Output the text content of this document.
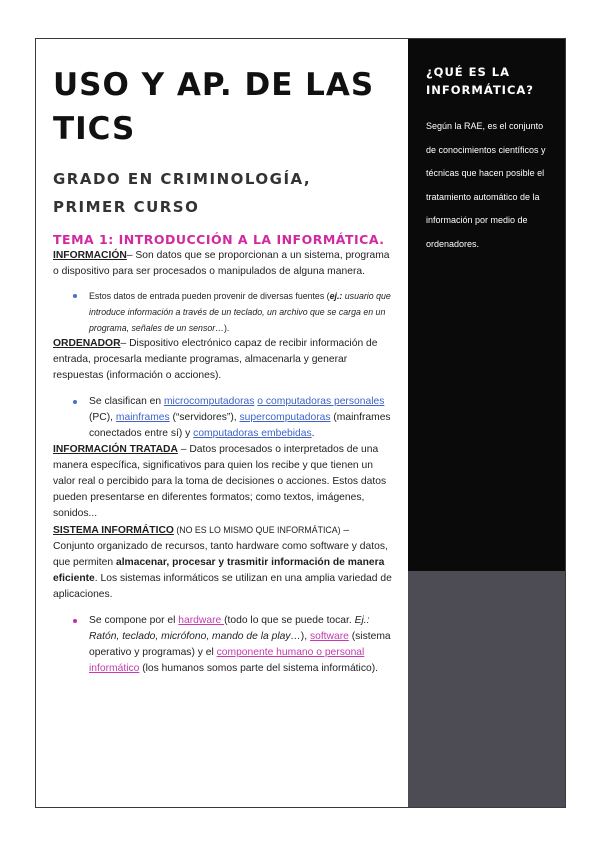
USO Y AP. DE LAS TICS
GRADO EN CRIMINOLOGÍA,
PRIMER CURSO
TEMA 1: INTRODUCCIÓN A LA INFORMÁTICA.

INFORMACIÓN– Son datos que se proporcionan a un sistema, programa o dispositivo para ser procesados o manipulados de alguna manera.

Estos datos de entrada pueden provenir de diversas fuentes (ej.: usuario que introduce información a través de un teclado, un archivo que se carga en un programa, señales de un sensor…).

ORDENADOR– Dispositivo electrónico capaz de recibir información de entrada, procesarla mediante programas, almacenarla y generar respuestas (información o acciones).

Se clasifican en microcomputadoras o computadoras personales (PC), mainframes (“servidores”), supercomputadoras (mainframes conectados entre sí) y computadoras embebidas.

INFORMACIÓN TRATADA – Datos procesados o interpretados de una manera específica, significativos para quien los recibe y que tienen un valor real o percibido para la toma de decisiones o acciones. Estos datos pueden presentarse en diferentes formatos; como textos, imágenes, sonidos...

SISTEMA INFORMÁTICO (NO ES LO MISMO QUE INFORMÁTICA) – Conjunto organizado de recursos, tanto hardware como software y datos, que permiten almacenar, procesar y trasmitir información de manera eficiente. Los sistemas informáticos se utilizan en una amplia variedad de aplicaciones.

Se compone por el hardware (todo lo que se puede tocar. Ej.: Ratón, teclado, micrófono, mando de la play…), software (sistema operativo y programas) y el componente humano o personal informático (los humanos somos parte del sistema informático).
¿QUÉ ES LA INFORMÁTICA?
Según la RAE, es el conjunto de conocimientos científicos y técnicas que hacen posible el tratamiento automático de la información por medio de ordenadores.
